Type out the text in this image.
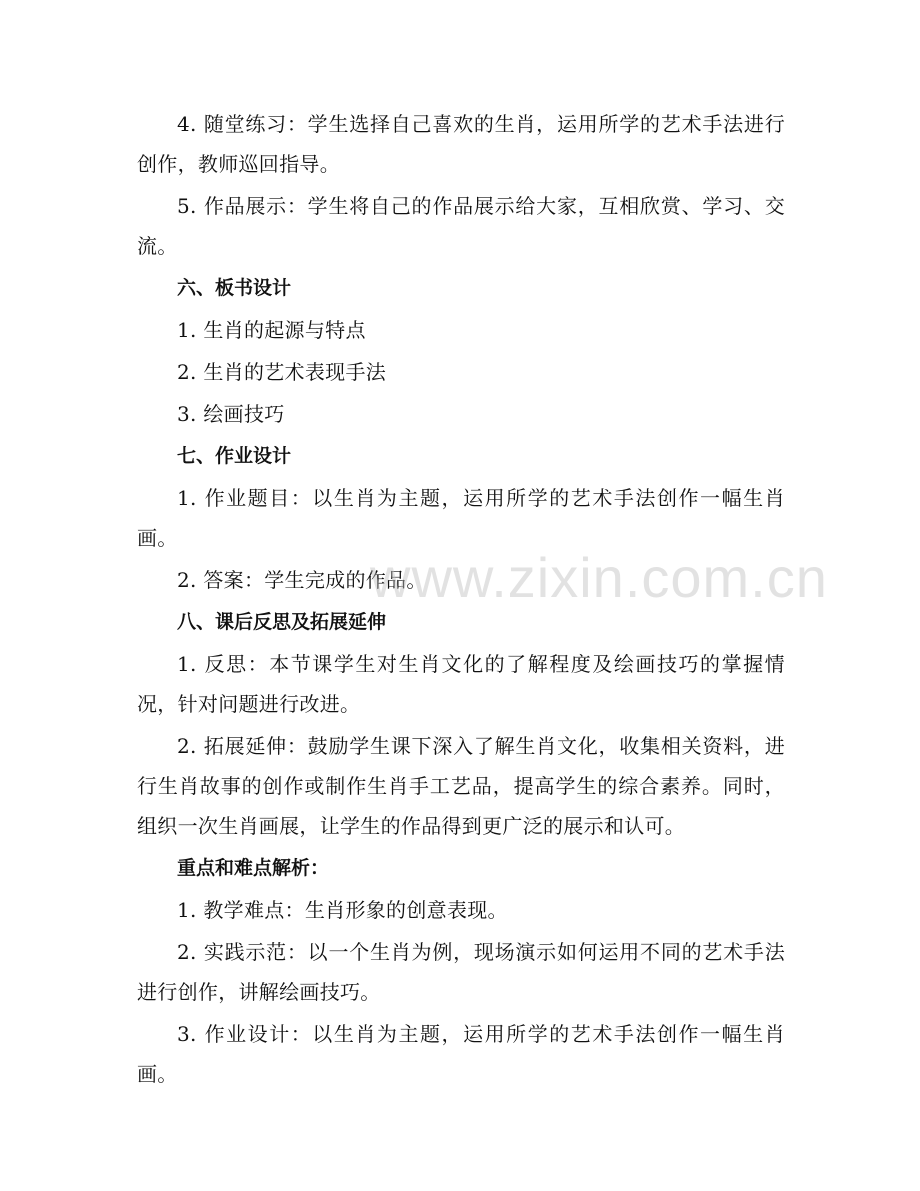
4. 随堂练习：学生选择自己喜欢的生肖，运用所学的艺术手法进行创作，教师巡回指导。

5. 作品展示：学生将自己的作品展示给大家，互相欣赏、学习、交流。

六、板书设计

1. 生肖的起源与特点

2. 生肖的艺术表现手法

3. 绘画技巧

七、作业设计

1. 作业题目：以生肖为主题，运用所学的艺术手法创作一幅生肖画。

2. 答案：学生完成的作品。

八、课后反思及拓展延伸

1. 反思：本节课学生对生肖文化的了解程度及绘画技巧的掌握情况，针对问题进行改进。

2. 拓展延伸：鼓励学生课下深入了解生肖文化，收集相关资料，进行生肖故事的创作或制作生肖手工艺品，提高学生的综合素养。同时，组织一次生肖画展，让学生的作品得到更广泛的展示和认可。

重点和难点解析：

1. 教学难点：生肖形象的创意表现。

2. 实践示范：以一个生肖为例，现场演示如何运用不同的艺术手法进行创作，讲解绘画技巧。

3. 作业设计：以生肖为主题，运用所学的艺术手法创作一幅生肖画。

www.zixin.com.cn
